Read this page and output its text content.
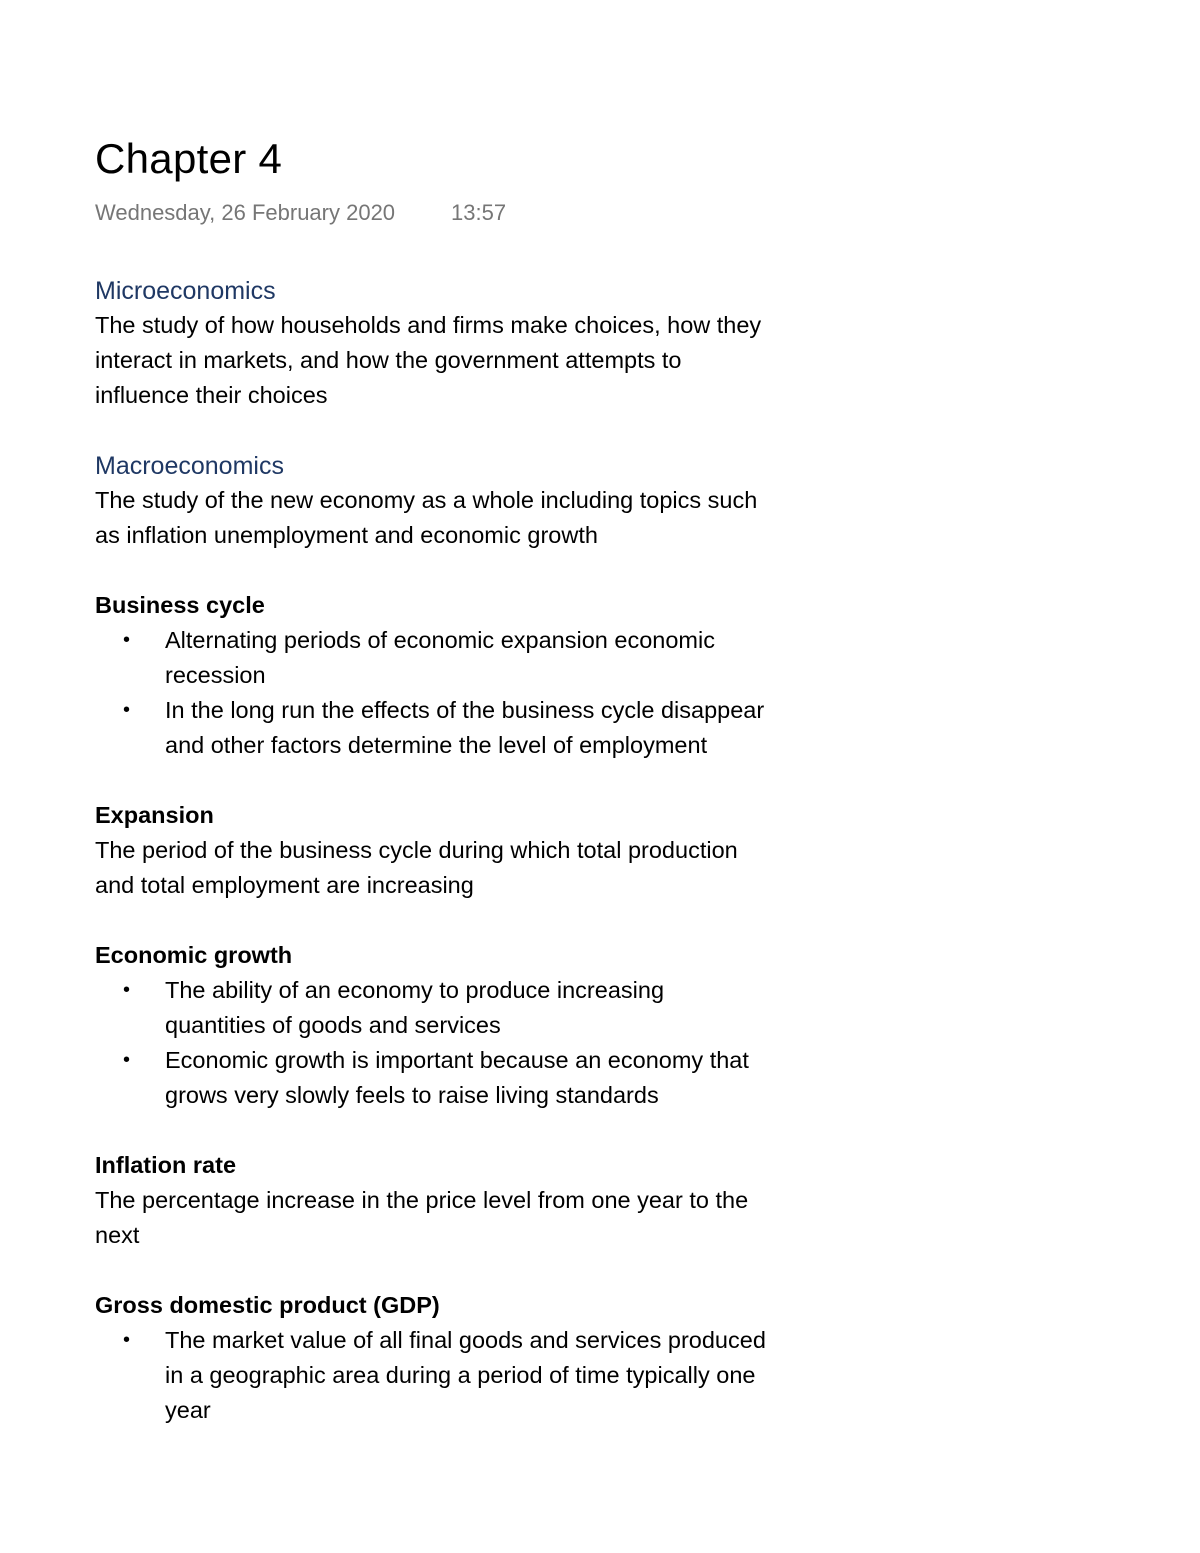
Chapter 4
Wednesday, 26 February 2020	13:57
Microeconomics
The study of how households and firms make choices, how they
interact in markets, and how the government attempts to
influence their choices
Macroeconomics
The study of the new economy as a whole including topics such
as inflation unemployment and economic growth
Business cycle
• Alternating periods of economic expansion economic
recession
• In the long run the effects of the business cycle disappear
and other factors determine the level of employment
Expansion
The period of the business cycle during which total production
and total employment are increasing
Economic growth
• The ability of an economy to produce increasing
quantities of goods and services
• Economic growth is important because an economy that
grows very slowly feels to raise living standards
Inflation rate
The percentage increase in the price level from one year to the
next
Gross domestic product (GDP)
• The market value of all final goods and services produced
in a geographic area during a period of time typically one
year
